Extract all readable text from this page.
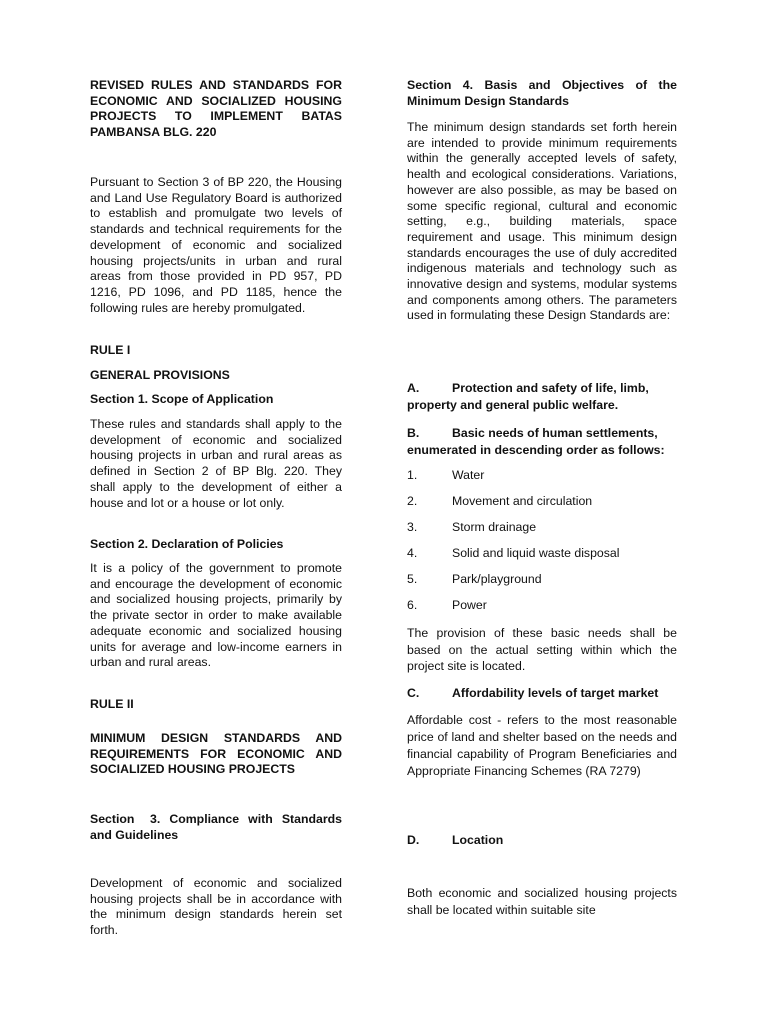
REVISED RULES AND STANDARDS FOR ECONOMIC AND SOCIALIZED HOUSING PROJECTS TO IMPLEMENT BATAS PAMBANSA BLG. 220

Pursuant to Section 3 of BP 220, the Housing and Land Use Regulatory Board is authorized to establish and promulgate two levels of standards and technical requirements for the development of economic and socialized housing projects/units in urban and rural areas from those provided in PD 957, PD 1216, PD 1096, and PD 1185, hence the following rules are hereby promulgated.

RULE I

GENERAL PROVISIONS

Section 1. Scope of Application

These rules and standards shall apply to the development of economic and socialized housing projects in urban and rural areas as defined in Section 2 of BP Blg. 220. They shall apply to the development of either a house and lot or a house or lot only.

Section 2. Declaration of Policies

It is a policy of the government to promote and encourage the development of economic and socialized housing projects, primarily by the private sector in order to make available adequate economic and socialized housing units for average and low-income earners in urban and rural areas.

RULE II

MINIMUM DESIGN STANDARDS AND REQUIREMENTS FOR ECONOMIC AND SOCIALIZED HOUSING PROJECTS

Section 3. Compliance with Standards and Guidelines

Development of economic and socialized housing projects shall be in accordance with the minimum design standards herein set forth.

Section 4. Basis and Objectives of the Minimum Design Standards

The minimum design standards set forth herein are intended to provide minimum requirements within the generally accepted levels of safety, health and ecological considerations. Variations, however are also possible, as may be based on some specific regional, cultural and economic setting, e.g., building materials, space requirement and usage. This minimum design standards encourages the use of duly accredited indigenous materials and technology such as innovative design and systems, modular systems and components among others. The parameters used in formulating these Design Standards are:

A.	Protection and safety of life, limb, property and general public welfare.
B.	Basic needs of human settlements, enumerated in descending order as follows:
1.	Water
2.	Movement and circulation
3.	Storm drainage
4.	Solid and liquid waste disposal
5.	Park/playground
6.	Power

The provision of these basic needs shall be based on the actual setting within which the project site is located.

C.	Affordability levels of target market

Affordable cost - refers to the most reasonable price of land and shelter based on the needs and financial capability of Program Beneficiaries and Appropriate Financing Schemes (RA 7279)

D.	Location

Both economic and socialized housing projects shall be located within suitable site
